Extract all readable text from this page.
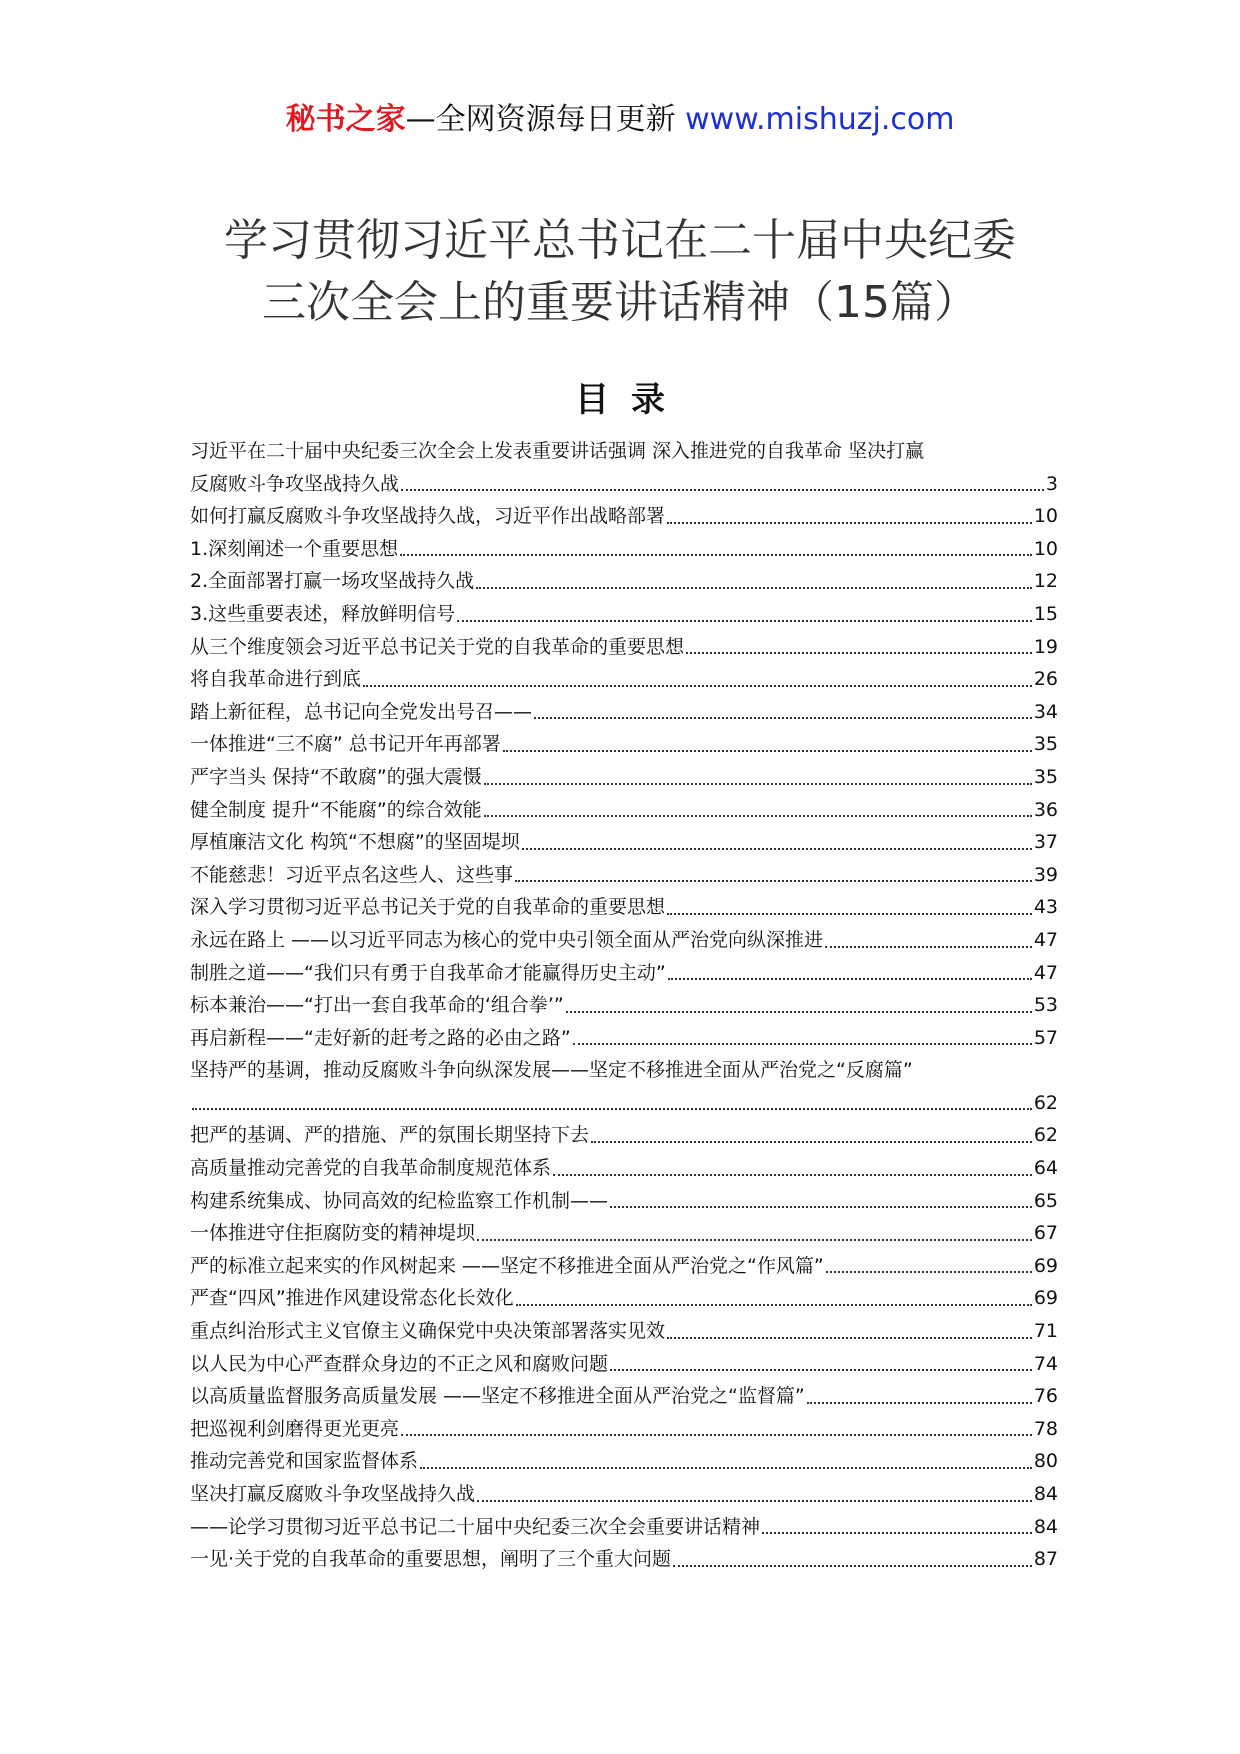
秘书之家—全网资源每日更新 www.mishuzj.com
学习贯彻习近平总书记在二十届中央纪委
三次全会上的重要讲话精神（15篇）
目录
习近平在二十届中央纪委三次全会上发表重要讲话强调 深入推进党的自我革命 坚决打赢
反腐败斗争攻坚战持久战	3
如何打赢反腐败斗争攻坚战持久战，习近平作出战略部署	10
1.深刻阐述一个重要思想	10
2.全面部署打赢一场攻坚战持久战	12
3.这些重要表述，释放鲜明信号	15
从三个维度领会习近平总书记关于党的自我革命的重要思想	19
将自我革命进行到底	26
踏上新征程，总书记向全党发出号召——	34
一体推进“三不腐” 总书记开年再部署	35
严字当头 保持“不敢腐”的强大震慑	35
健全制度 提升“不能腐”的综合效能	36
厚植廉洁文化 构筑“不想腐”的坚固堤坝	37
不能慈悲！习近平点名这些人、这些事	39
深入学习贯彻习近平总书记关于党的自我革命的重要思想	43
永远在路上 ——以习近平同志为核心的党中央引领全面从严治党向纵深推进	47
制胜之道——“我们只有勇于自我革命才能赢得历史主动”	47
标本兼治——“打出一套自我革命的‘组合拳’”	53
再启新程——“走好新的赶考之路的必由之路”	57
坚持严的基调，推动反腐败斗争向纵深发展——坚定不移推进全面从严治党之“反腐篇”
62
把严的基调、严的措施、严的氛围长期坚持下去	62
高质量推动完善党的自我革命制度规范体系	64
构建系统集成、协同高效的纪检监察工作机制——	65
一体推进守住拒腐防变的精神堤坝	67
严的标准立起来实的作风树起来 ——坚定不移推进全面从严治党之“作风篇”	69
严查“四风”推进作风建设常态化长效化	69
重点纠治形式主义官僚主义确保党中央决策部署落实见效	71
以人民为中心严查群众身边的不正之风和腐败问题	74
以高质量监督服务高质量发展 ——坚定不移推进全面从严治党之“监督篇”	76
把巡视利剑磨得更光更亮	78
推动完善党和国家监督体系	80
坚决打赢反腐败斗争攻坚战持久战	84
——论学习贯彻习近平总书记二十届中央纪委三次全会重要讲话精神	84
一见·关于党的自我革命的重要思想，阐明了三个重大问题	87
